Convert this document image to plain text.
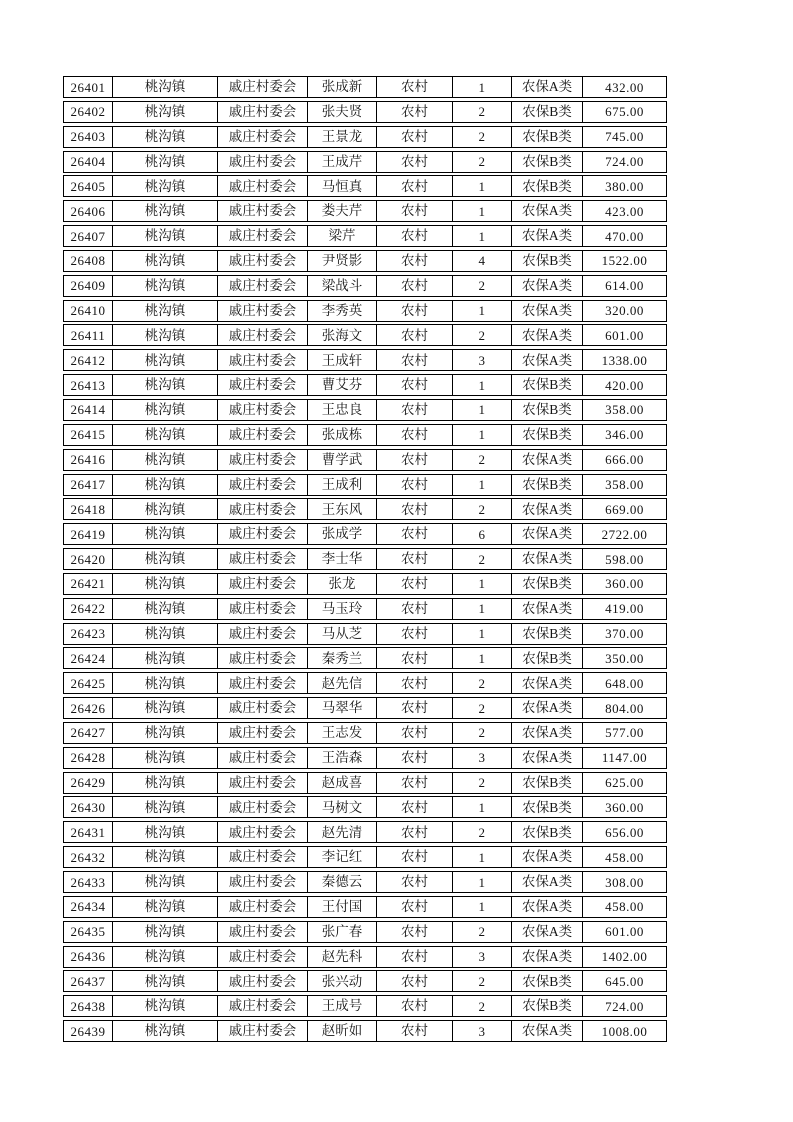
26401	桃沟镇	戚庄村委会	张成新	农村	1	农保A类	432.00
26402	桃沟镇	戚庄村委会	张夫贤	农村	2	农保B类	675.00
26403	桃沟镇	戚庄村委会	王景龙	农村	2	农保B类	745.00
26404	桃沟镇	戚庄村委会	王成芹	农村	2	农保B类	724.00
26405	桃沟镇	戚庄村委会	马恒真	农村	1	农保B类	380.00
26406	桃沟镇	戚庄村委会	娄夫芹	农村	1	农保A类	423.00
26407	桃沟镇	戚庄村委会	梁芹	农村	1	农保A类	470.00
26408	桃沟镇	戚庄村委会	尹贤影	农村	4	农保B类	1522.00
26409	桃沟镇	戚庄村委会	梁战斗	农村	2	农保A类	614.00
26410	桃沟镇	戚庄村委会	李秀英	农村	1	农保A类	320.00
26411	桃沟镇	戚庄村委会	张海文	农村	2	农保A类	601.00
26412	桃沟镇	戚庄村委会	王成轩	农村	3	农保A类	1338.00
26413	桃沟镇	戚庄村委会	曹艾芬	农村	1	农保B类	420.00
26414	桃沟镇	戚庄村委会	王忠良	农村	1	农保B类	358.00
26415	桃沟镇	戚庄村委会	张成栋	农村	1	农保B类	346.00
26416	桃沟镇	戚庄村委会	曹学武	农村	2	农保A类	666.00
26417	桃沟镇	戚庄村委会	王成利	农村	1	农保B类	358.00
26418	桃沟镇	戚庄村委会	王东风	农村	2	农保A类	669.00
26419	桃沟镇	戚庄村委会	张成学	农村	6	农保A类	2722.00
26420	桃沟镇	戚庄村委会	李士华	农村	2	农保A类	598.00
26421	桃沟镇	戚庄村委会	张龙	农村	1	农保B类	360.00
26422	桃沟镇	戚庄村委会	马玉玲	农村	1	农保A类	419.00
26423	桃沟镇	戚庄村委会	马从芝	农村	1	农保B类	370.00
26424	桃沟镇	戚庄村委会	秦秀兰	农村	1	农保B类	350.00
26425	桃沟镇	戚庄村委会	赵先信	农村	2	农保A类	648.00
26426	桃沟镇	戚庄村委会	马翠华	农村	2	农保A类	804.00
26427	桃沟镇	戚庄村委会	王志发	农村	2	农保A类	577.00
26428	桃沟镇	戚庄村委会	王浩森	农村	3	农保A类	1147.00
26429	桃沟镇	戚庄村委会	赵成喜	农村	2	农保B类	625.00
26430	桃沟镇	戚庄村委会	马树文	农村	1	农保B类	360.00
26431	桃沟镇	戚庄村委会	赵先清	农村	2	农保B类	656.00
26432	桃沟镇	戚庄村委会	李记红	农村	1	农保A类	458.00
26433	桃沟镇	戚庄村委会	秦德云	农村	1	农保A类	308.00
26434	桃沟镇	戚庄村委会	王付国	农村	1	农保A类	458.00
26435	桃沟镇	戚庄村委会	张广春	农村	2	农保A类	601.00
26436	桃沟镇	戚庄村委会	赵先科	农村	3	农保A类	1402.00
26437	桃沟镇	戚庄村委会	张兴动	农村	2	农保B类	645.00
26438	桃沟镇	戚庄村委会	王成号	农村	2	农保B类	724.00
26439	桃沟镇	戚庄村委会	赵昕如	农村	3	农保A类	1008.00
